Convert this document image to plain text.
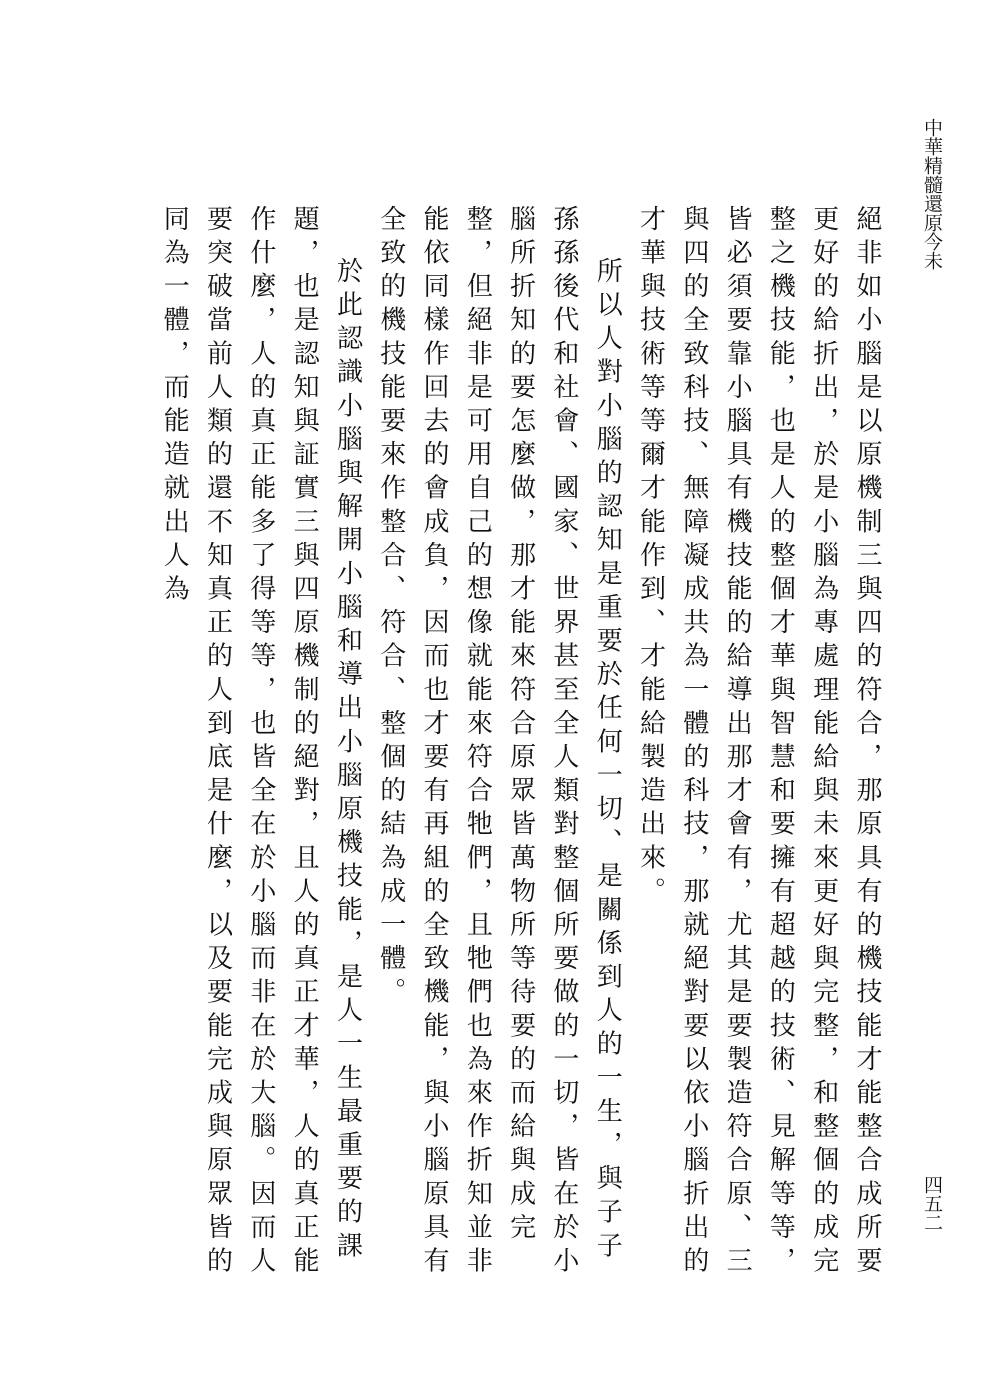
中華精髓還原今未
四五二

絕非如小腦是以原機制三與四的符合，那原具有的機技能才能整合成所要更好的給折出，於是小腦為專處理能給與未來更好與完整，和整個的成完整之機技能，也是人的整個才華與智慧和要擁有超越的技術、見解等等，皆必須要靠小腦具有機技能的給導出那才會有，尤其是要製造符合原、三與四的全致科技、無障凝成共為一體的科技，那就絕對要以依小腦折出的才華與技術等等爾才能作到、才能給製造出來。

所以人對小腦的認知是重要於任何一切、是關係到人的一生，與子子孫孫後代和社會、國家、世界甚至全人類對整個所要做的一切，皆在於小腦所折知的要怎麼做，那才能來符合原眾皆萬物所等待要的而給與成完整，但絕非是可用自己的想像就能來符合牠們，且牠們也為來作折知並非能依同樣作回去的會成負，因而也才要有再組的全致機能，與小腦原具有全致的機技能要來作整合、符合、整個的結為成一體。

於此認識小腦與解開小腦和導出小腦原機技能，是人一生最重要的課題，也是認知與証實三與四原機制的絕對，且人的真正才華，人的真正能作什麼，人的真正能多了得等等，也皆全在於小腦而非在於大腦。因而人要突破當前人類的還不知真正的人到底是什麼，以及要能完成與原眾皆的同為一體，而能造就出人為
